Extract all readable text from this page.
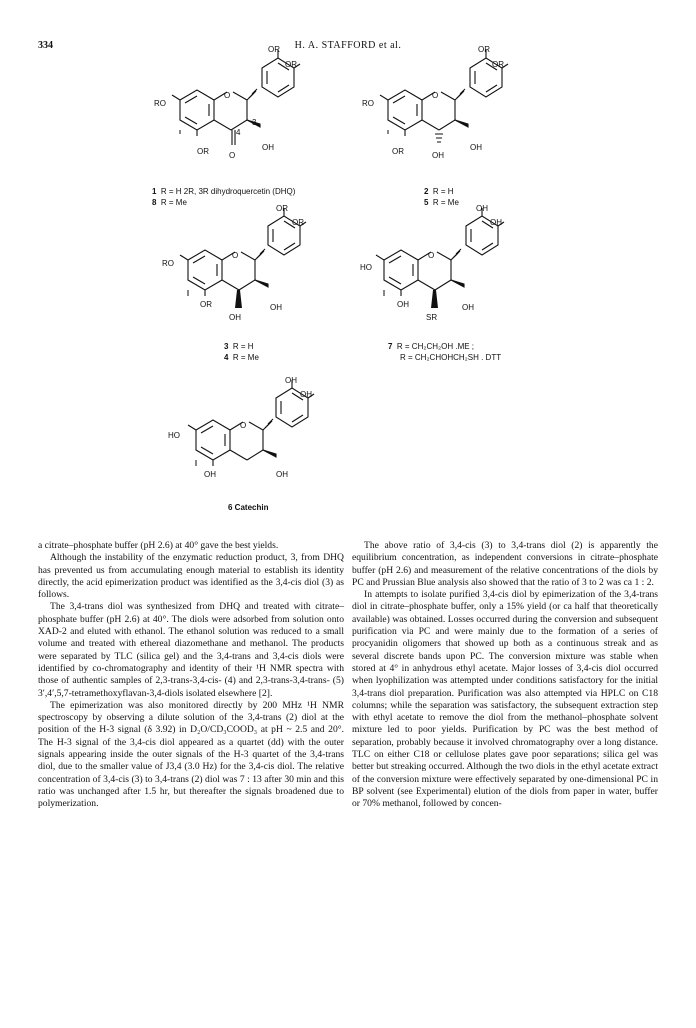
334	H. A. STAFFORD et al.
OR
OR
RO
O
OR	OH
O
3
4
OR
OR
RO
O
OR	OH
OH
OR
OR
RO
O
OR	OH
OH
OH
OH
HO
O
OH	OH
SR
OH
OH
HO
O
OH	OH
1 R = H 2R, 3R dihydroquercetin (DHQ)
8 R = Me
2 R = H
5 R = Me
3 R = H
4 R = Me
7 R = CH₂CH₂OH .ME ;
R = CH₂CHOHCH₂SH . DTT
6 Catechin

a citrate–phosphate buffer (pH 2.6) at 40° gave the best yields.

Although the instability of the enzymatic reduction product, 3, from DHQ has prevented us from accumulating enough material to establish its identity directly, the acid epimerization product was identified as the 3,4-cis diol (3) as follows.

The 3,4-trans diol was synthesized from DHQ and treated with citrate–phosphate buffer (pH 2.6) at 40°. The diols were adsorbed from solution onto XAD-2 and eluted with ethanol. The ethanol solution was reduced to a small volume and treated with ethereal diazomethane and methanol. The products were separated by TLC (silica gel) and the 3,4-trans and 3,4-cis diols were identified by co-chromatography and identity of their ¹H NMR spectra with those of authentic samples of 2,3-trans-3,4-cis- (4) and 2,3-trans-3,4-trans- (5) 3′,4′,5,7-tetramethoxyflavan-3,4-diols isolated elsewhere [2].

The epimerization was also monitored directly by 200 MHz ¹H NMR spectroscopy by observing a dilute solution of the 3,4-trans (2) diol at the position of the H-3 signal (δ 3.92) in D₂O/CD₃COOD₃ at pH ~ 2.5 and 20°. The H-3 signal of the 3,4-cis diol appeared as a quartet (dd) with the outer signals appearing inside the outer signals of the H-3 quartet of the 3,4-trans diol, due to the smaller value of J3,4 (3.0 Hz) for the 3,4-cis diol. The relative concentration of 3,4-cis (3) to 3,4-trans (2) diol was 7 : 13 after 30 min and this ratio was unchanged after 1.5 hr, but thereafter the signals broadened due to polymerization.

The above ratio of 3,4-cis (3) to 3,4-trans diol (2) is apparently the equilibrium concentration, as independent conversions in citrate–phosphate buffer (pH 2.6) and measurement of the relative concentrations of the diols by PC and Prussian Blue analysis also showed that the ratio of 3 to 2 was ca 1 : 2.

In attempts to isolate purified 3,4-cis diol by epimerization of the 3,4-trans diol in citrate–phosphate buffer, only a 15% yield (or ca half that theoretically available) was obtained. Losses occurred during the conversion and subsequent purification via PC and were mainly due to the formation of a series of procyanidin oligomers that showed up both as a continuous streak and as several discrete bands upon PC. The conversion mixture was stable when stored at 4° in anhydrous ethyl acetate. Major losses of 3,4-cis diol occurred when lyophilization was attempted under conditions satisfactory for the initial 3,4-trans diol preparation. Purification was also attempted via HPLC on C18 columns; while the separation was satisfactory, the subsequent extraction step with ethyl acetate to remove the diol from the methanol–phosphate solvent mixture led to poor yields. Purification by PC was the best method of separation, probably because it involved chromatography over a long distance. TLC on either C18 or cellulose plates gave poor separations; silica gel was better but streaking occurred. Although the two diols in the ethyl acetate extract of the conversion mixture were effectively separated by one-dimensional PC in BP solvent (see Experimental) elution of the diols from paper in water, buffer or 70% methanol, followed by concen-
